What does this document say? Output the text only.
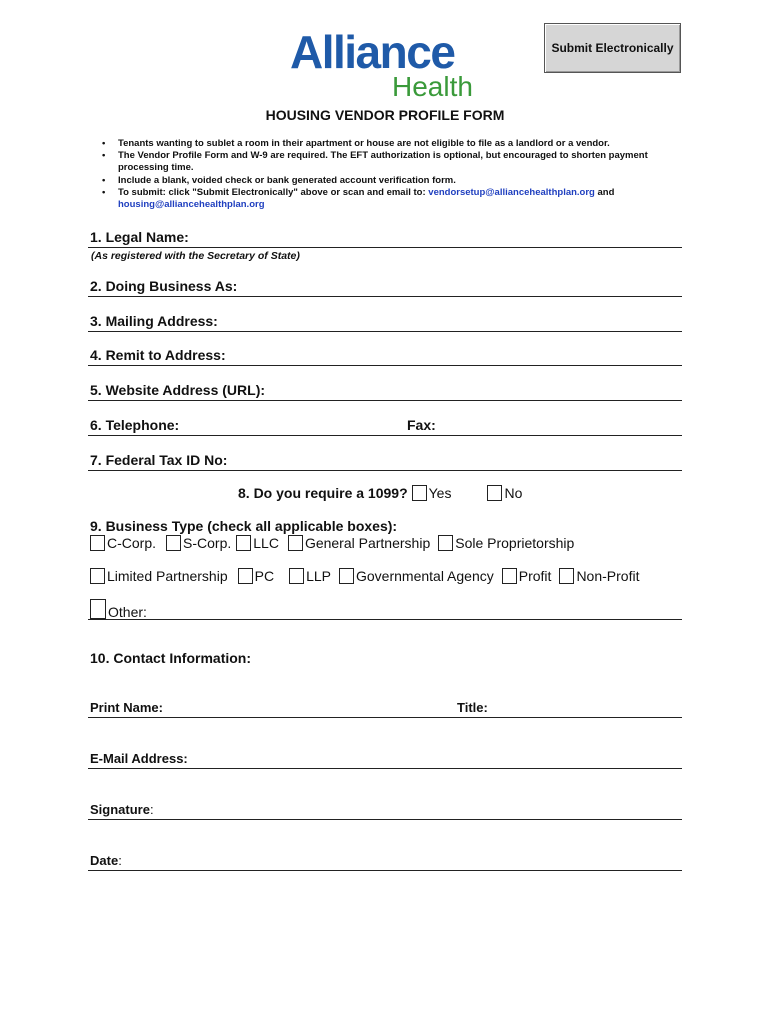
Alliance
Health
Submit Electronically
HOUSING VENDOR PROFILE FORM
• Tenants wanting to sublet a room in their apartment or house are not eligible to file as a landlord or a vendor.
• The Vendor Profile Form and W-9 are required. The EFT authorization is optional, but encouraged to shorten payment processing time.
• Include a blank, voided check or bank generated account verification form.
• To submit: click "Submit Electronically" above or scan and email to: vendorsetup@alliancehealthplan.org and housing@alliancehealthplan.org
1. Legal Name:
(As registered with the Secretary of State)
2. Doing Business As:
3. Mailing Address:
4. Remit to Address:
5. Website Address (URL):
6. Telephone:	Fax:
7. Federal Tax ID No:
8. Do you require a 1099? Yes	No
9. Business Type (check all applicable boxes):
C-Corp. S-Corp. LLC General Partnership Sole Proprietorship
Limited Partnership PC LLP Governmental Agency Profit Non-Profit
Other:
10. Contact Information:
Print Name:	Title:
E-Mail Address:
Signature:
Date:
